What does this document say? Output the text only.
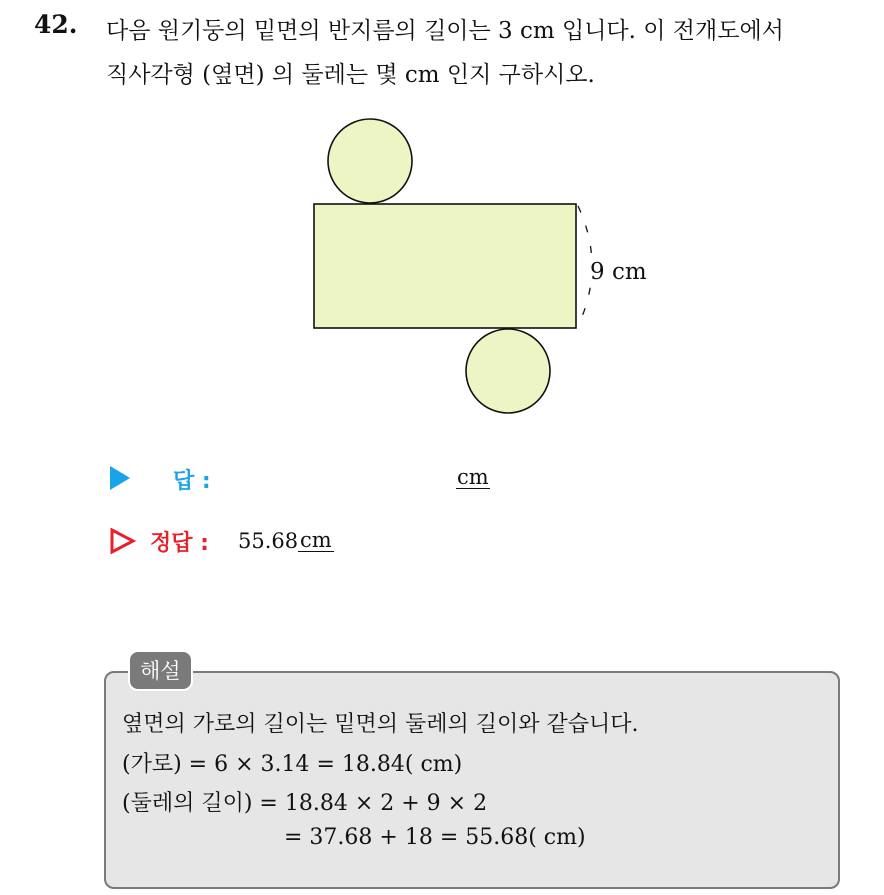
42. 다음 원기둥의 밑면의 반지름의 길이는 3 cm 입니다. 이 전개도에서
직사각형 (옆면) 의 둘레는 몇 cm 인지 구하시오.
9 cm
답 :	cm
정답 : 55.68 cm
해설
옆면의 가로의 길이는 밑면의 둘레의 길이와 같습니다.
(가로) = 6 × 3.14 = 18.84( cm)
(둘레의 길이) = 18.84 × 2 + 9 × 2
= 37.68 + 18 = 55.68( cm)
